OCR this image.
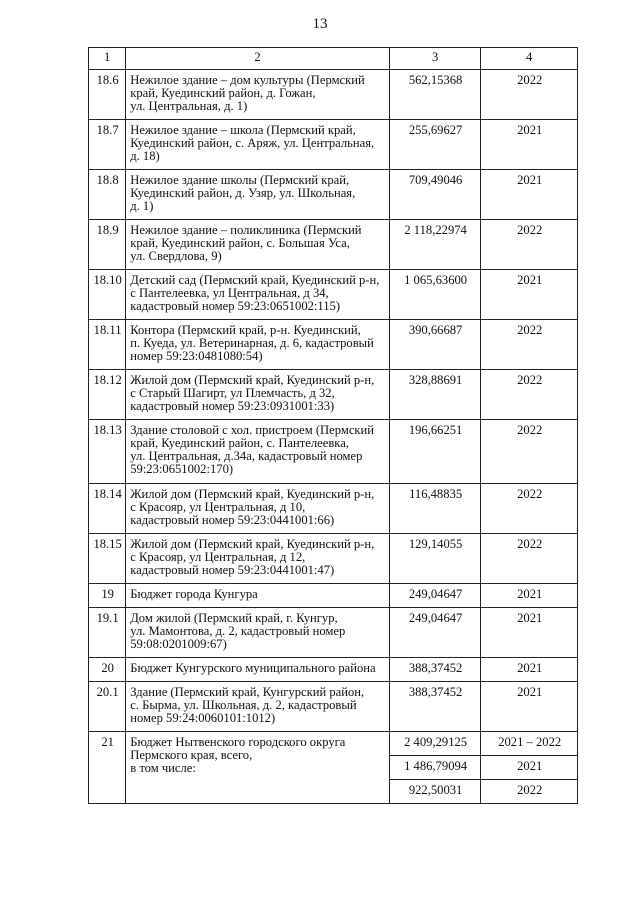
13
1	2	3	4
18.6	Нежилое здание – дом культуры (Пермский
край, Куединский район, д. Гожан,
ул. Центральная, д. 1)	562,15368	2022
18.7	Нежилое здание – школа (Пермский край,
Куединский район, с. Аряж, ул. Центральная,
д. 18)	255,69627	2021
18.8	Нежилое здание школы (Пермский край,
Куединский район, д. Узяр, ул. Школьная,
д. 1)	709,49046	2021
18.9	Нежилое здание – поликлиника (Пермский
край, Куединский район, с. Большая Уса,
ул. Свердлова, 9)	2 118,22974	2022
18.10	Детский сад (Пермский край, Куединский р-н,
с Пантелеевка, ул Центральная, д 34,
кадастровый номер 59:23:0651002:115)	1 065,63600	2021
18.11	Контора (Пермский край, р-н. Куединский,
п. Куеда, ул. Ветеринарная, д. 6, кадастровый
номер 59:23:0481080:54)	390,66687	2022
18.12	Жилой дом (Пермский край, Куединский р-н,
с Старый Шагирт, ул Племчасть, д 32,
кадастровый номер 59:23:0931001:33)	328,88691	2022
18.13	Здание столовой с хол. пристроем (Пермский
край, Куединский район, с. Пантелеевка,
ул. Центральная, д.34а, кадастровый номер
59:23:0651002:170)	196,66251	2022
18.14	Жилой дом (Пермский край, Куединский р-н,
с Красояр, ул Центральная, д 10,
кадастровый номер 59:23:0441001:66)	116,48835	2022
18.15	Жилой дом (Пермский край, Куединский р-н,
с Красояр, ул Центральная, д 12,
кадастровый номер 59:23:0441001:47)	129,14055	2022
19	Бюджет города Кунгура	249,04647	2021
19.1	Дом жилой (Пермский край, г. Кунгур,
ул. Мамонтова, д. 2, кадастровый номер
59:08:0201009:67)	249,04647	2021
20	Бюджет Кунгурского муниципального района	388,37452	2021
20.1	Здание (Пермский край, Кунгурский район,
с. Бырма, ул. Школьная, д. 2, кадастровый
номер 59:24:0060101:1012)	388,37452	2021
21	Бюджет Нытвенского городского округа
Пермского края, всего,
в том числе:	2 409,29125	2021 – 2022
		1 486,79094	2021
		922,50031	2022
